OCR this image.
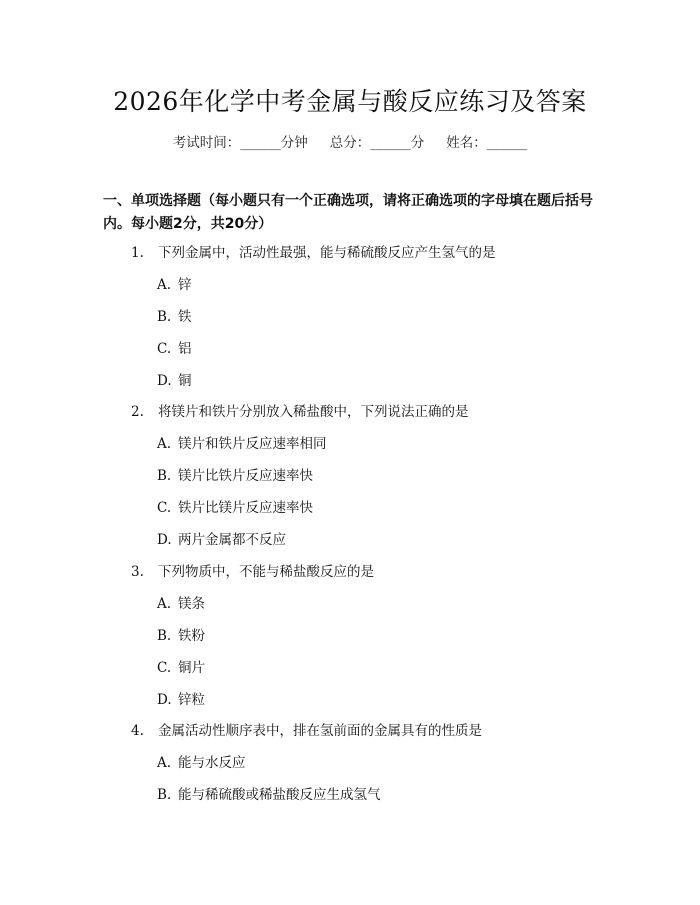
2026年化学中考金属与酸反应练习及答案
考试时间：______分钟 总分：______分 姓名：______
一、单项选择题（每小题只有一个正确选项，请将正确选项的字母填在题后括号内。每小题2分，共20分）
1. 下列金属中，活动性最强，能与稀硫酸反应产生氢气的是
A. 锌
B. 铁
C. 铝
D. 铜
2. 将镁片和铁片分别放入稀盐酸中，下列说法正确的是
A. 镁片和铁片反应速率相同
B. 镁片比铁片反应速率快
C. 铁片比镁片反应速率快
D. 两片金属都不反应
3. 下列物质中，不能与稀盐酸反应的是
A. 镁条
B. 铁粉
C. 铜片
D. 锌粒
4. 金属活动性顺序表中，排在氢前面的金属具有的性质是
A. 能与水反应
B. 能与稀硫酸或稀盐酸反应生成氢气
